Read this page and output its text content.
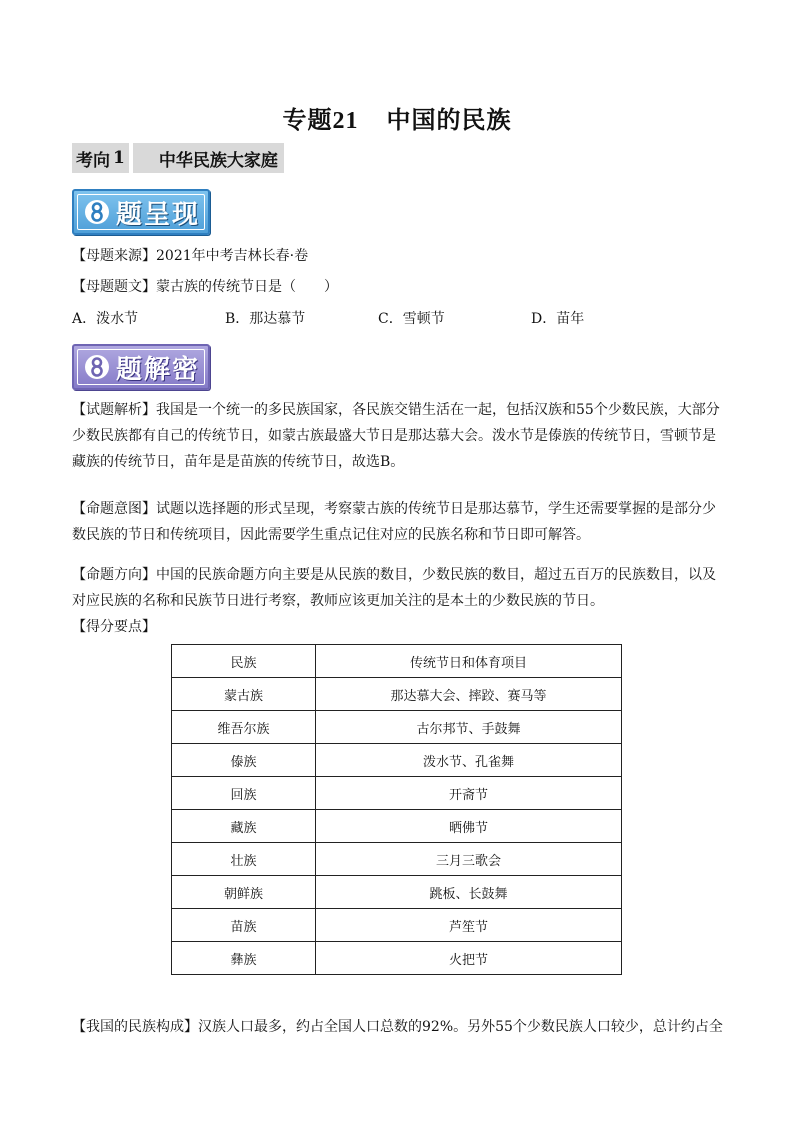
专题21 中国的民族
考向 1 中华民族大家庭
题呈现
【母题来源】2021年中考吉林长春·卷
【母题题文】蒙古族的传统节日是（　　）
A．泼水节	B．那达慕节	C．雪顿节	D．苗年
题解密
【试题解析】我国是一个统一的多民族国家，各民族交错生活在一起，包括汉族和55个少数民族，大部分少数民族都有自己的传统节日，如蒙古族最盛大节日是那达慕大会。泼水节是傣族的传统节日，雪顿节是藏族的传统节日，苗年是是苗族的传统节日，故选B。
【命题意图】试题以选择题的形式呈现，考察蒙古族的传统节日是那达慕节，学生还需要掌握的是部分少数民族的节日和传统项目，因此需要学生重点记住对应的民族名称和节日即可解答。
【命题方向】中国的民族命题方向主要是从民族的数目，少数民族的数目，超过五百万的民族数目，以及对应民族的名称和民族节日进行考察，教师应该更加关注的是本土的少数民族的节日。
【得分要点】
民族	传统节日和体育项目
蒙古族	那达慕大会、摔跤、赛马等
维吾尔族	古尔邦节、手鼓舞
傣族	泼水节、孔雀舞
回族	开斋节
藏族	晒佛节
壮族	三月三歌会
朝鲜族	跳板、长鼓舞
苗族	芦笙节
彝族	火把节
【我国的民族构成】汉族人口最多，约占全国人口总数的92%。另外55个少数民族人口较少，总计约占全
